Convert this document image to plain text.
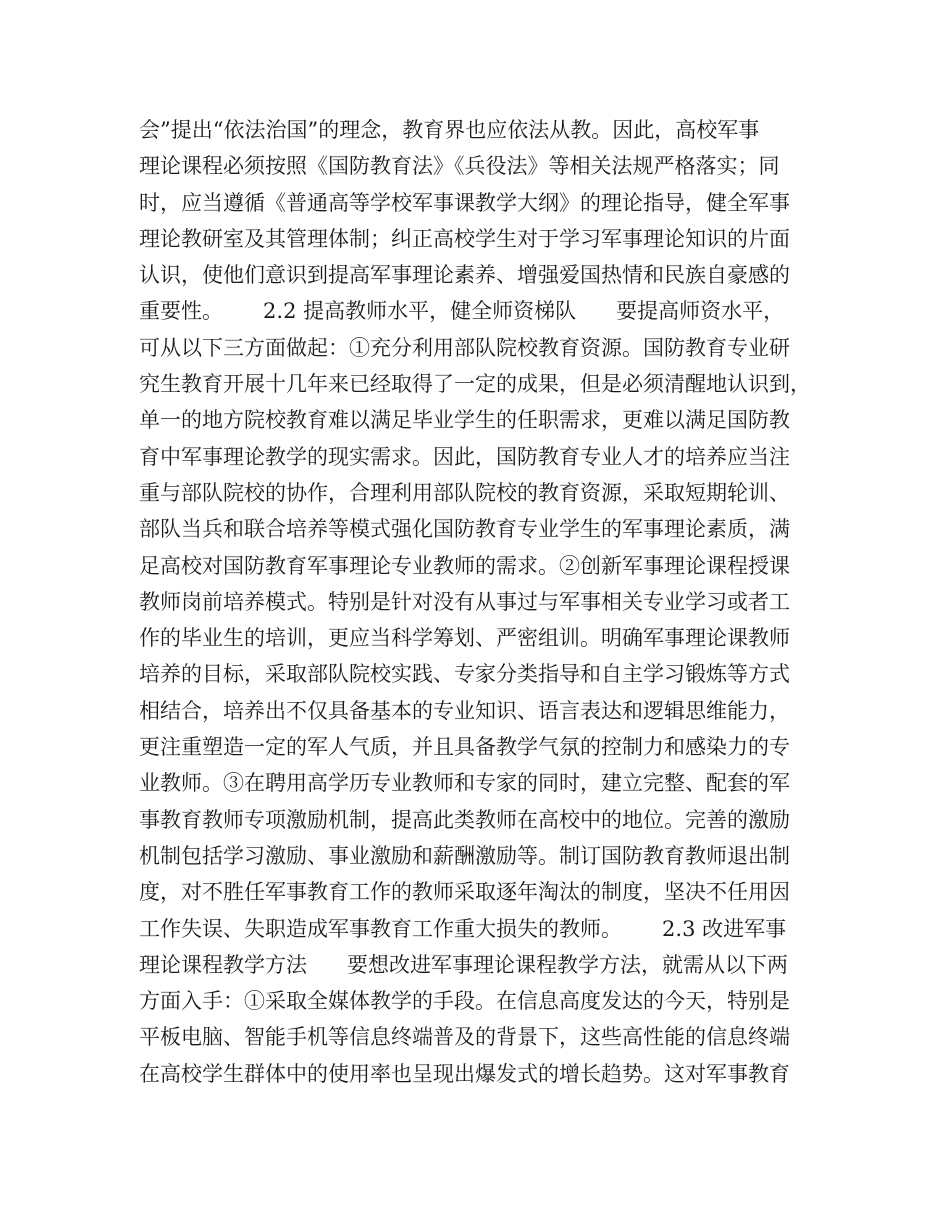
会”提出“依法治国”的理念，教育界也应依法从教。因此，高校军事
理论课程必须按照《国防教育法》《兵役法》等相关法规严格落实；同
时，应当遵循《普通高等学校军事课教学大纲》的理论指导，健全军事
理论教研室及其管理体制；纠正高校学生对于学习军事理论知识的片面
认识，使他们意识到提高军事理论素养、增强爱国热情和民族自豪感的
重要性。      2.2 提高教师水平，健全师资梯队      要提高师资水平，
可从以下三方面做起：①充分利用部队院校教育资源。国防教育专业研
究生教育开展十几年来已经取得了一定的成果，但是必须清醒地认识到，
单一的地方院校教育难以满足毕业学生的任职需求，更难以满足国防教
育中军事理论教学的现实需求。因此，国防教育专业人才的培养应当注
重与部队院校的协作，合理利用部队院校的教育资源，采取短期轮训、
部队当兵和联合培养等模式强化国防教育专业学生的军事理论素质，满
足高校对国防教育军事理论专业教师的需求。②创新军事理论课程授课
教师岗前培养模式。特别是针对没有从事过与军事相关专业学习或者工
作的毕业生的培训，更应当科学筹划、严密组训。明确军事理论课教师
培养的目标，采取部队院校实践、专家分类指导和自主学习锻炼等方式
相结合，培养出不仅具备基本的专业知识、语言表达和逻辑思维能力，
更注重塑造一定的军人气质，并且具备教学气氛的控制力和感染力的专
业教师。③在聘用高学历专业教师和专家的同时，建立完整、配套的军
事教育教师专项激励机制，提高此类教师在高校中的地位。完善的激励
机制包括学习激励、事业激励和薪酬激励等。制订国防教育教师退出制
度，对不胜任军事教育工作的教师采取逐年淘汰的制度，坚决不任用因
工作失误、失职造成军事教育工作重大损失的教师。      2.3 改进军事
理论课程教学方法      要想改进军事理论课程教学方法，就需从以下两
方面入手：①采取全媒体教学的手段。在信息高度发达的今天，特别是
平板电脑、智能手机等信息终端普及的背景下，这些高性能的信息终端
在高校学生群体中的使用率也呈现出爆发式的增长趋势。这对军事教育
